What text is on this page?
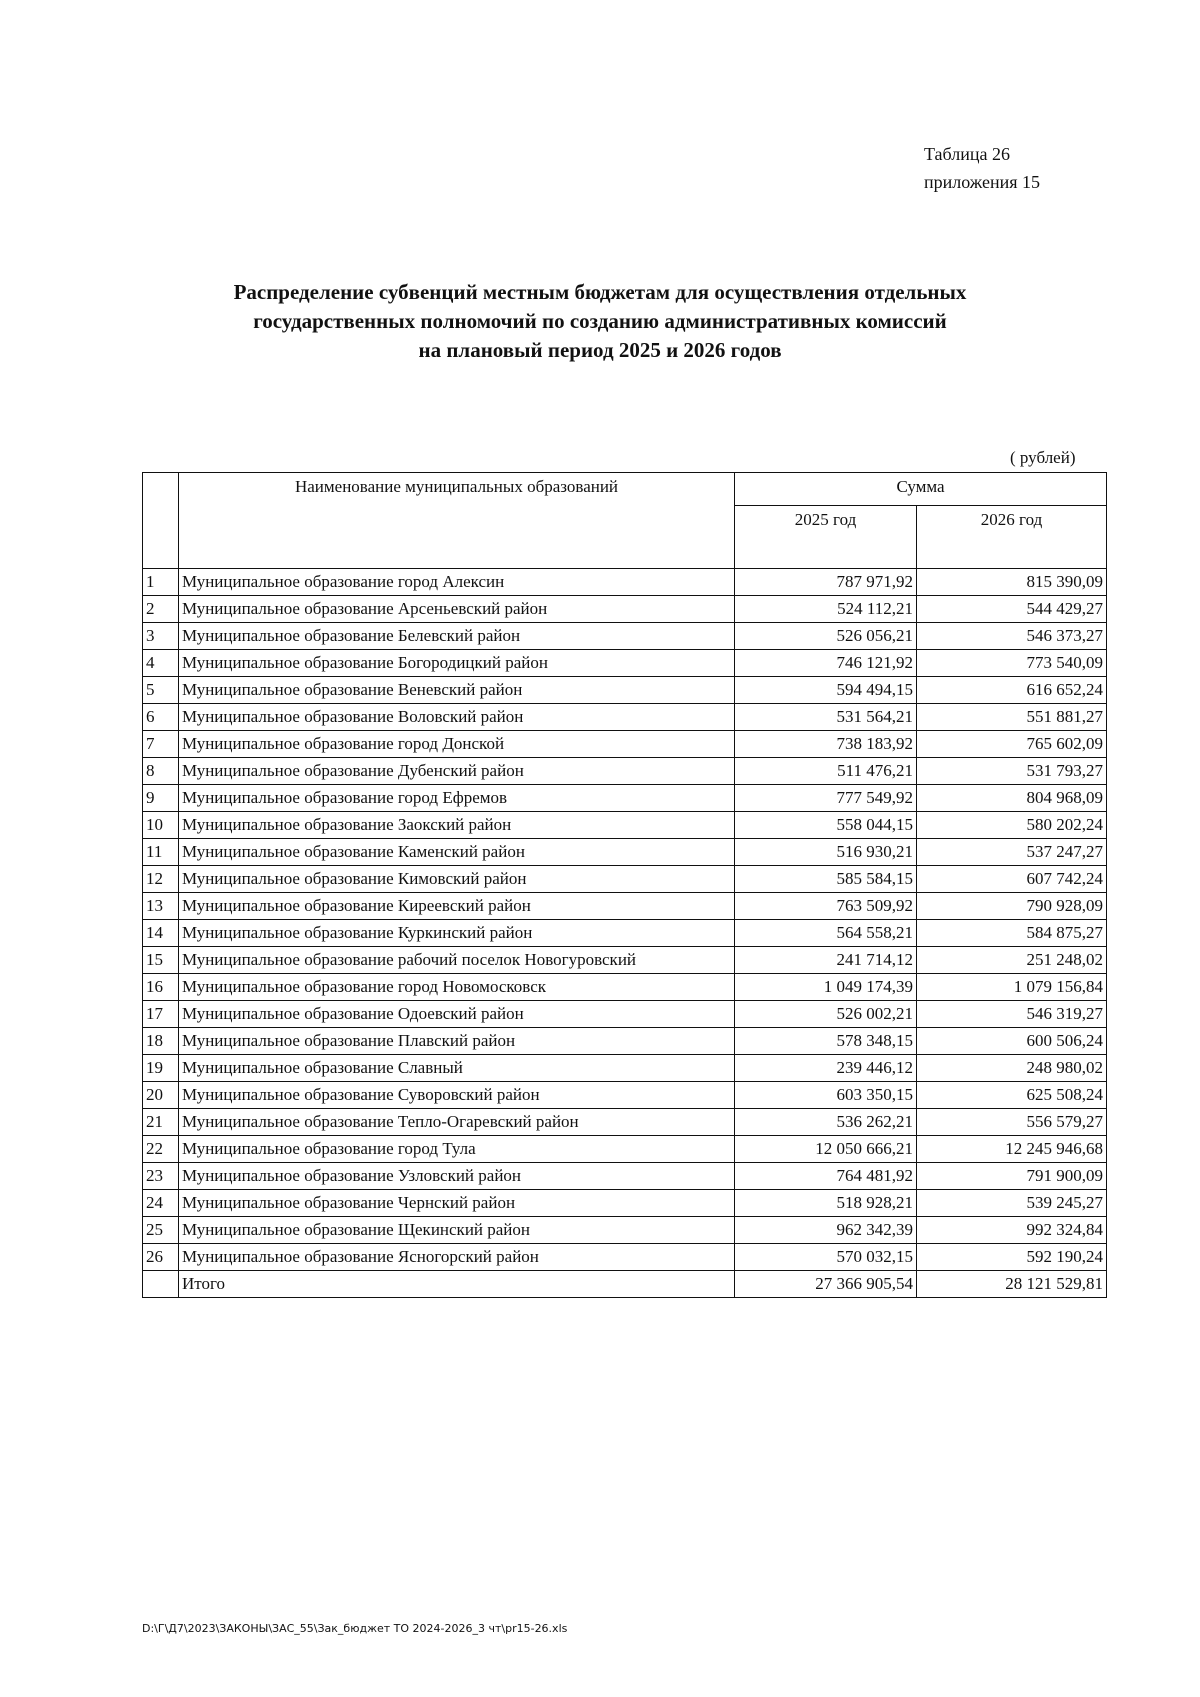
Таблица 26
приложения 15
Распределение субвенций местным бюджетам для осуществления отдельных
государственных полномочий по созданию административных комиссий
на плановый период 2025 и 2026 годов
( рублей)
	Наименование муниципальных образований	Сумма	
		2025 год	2026 год
1	Муниципальное образование город Алексин	787 971,92	815 390,09
2	Муниципальное образование Арсеньевский район	524 112,21	544 429,27
3	Муниципальное образование Белевский район	526 056,21	546 373,27
4	Муниципальное образование Богородицкий район	746 121,92	773 540,09
5	Муниципальное образование Веневский район	594 494,15	616 652,24
6	Муниципальное образование Воловский район	531 564,21	551 881,27
7	Муниципальное образование город Донской	738 183,92	765 602,09
8	Муниципальное образование Дубенский район	511 476,21	531 793,27
9	Муниципальное образование город Ефремов	777 549,92	804 968,09
10	Муниципальное образование Заокский район	558 044,15	580 202,24
11	Муниципальное образование Каменский район	516 930,21	537 247,27
12	Муниципальное образование Кимовский район	585 584,15	607 742,24
13	Муниципальное образование Киреевский район	763 509,92	790 928,09
14	Муниципальное образование Куркинский район	564 558,21	584 875,27
15	Муниципальное образование рабочий поселок Новогуровский	241 714,12	251 248,02
16	Муниципальное образование город Новомосковск	1 049 174,39	1 079 156,84
17	Муниципальное образование Одоевский район	526 002,21	546 319,27
18	Муниципальное образование Плавский район	578 348,15	600 506,24
19	Муниципальное образование Славный	239 446,12	248 980,02
20	Муниципальное образование Суворовский район	603 350,15	625 508,24
21	Муниципальное образование Тепло-Огаревский район	536 262,21	556 579,27
22	Муниципальное образование город Тула	12 050 666,21	12 245 946,68
23	Муниципальное образование Узловский район	764 481,92	791 900,09
24	Муниципальное образование Чернский район	518 928,21	539 245,27
25	Муниципальное образование Щекинский район	962 342,39	992 324,84
26	Муниципальное образование Ясногорский район	570 032,15	592 190,24
	Итого	27 366 905,54	28 121 529,81
D:\Г\Д7\2023\ЗАКОНЫ\ЗАС_55\Зак_бюджет ТО 2024-2026_3 чт\pr15-26.xls
